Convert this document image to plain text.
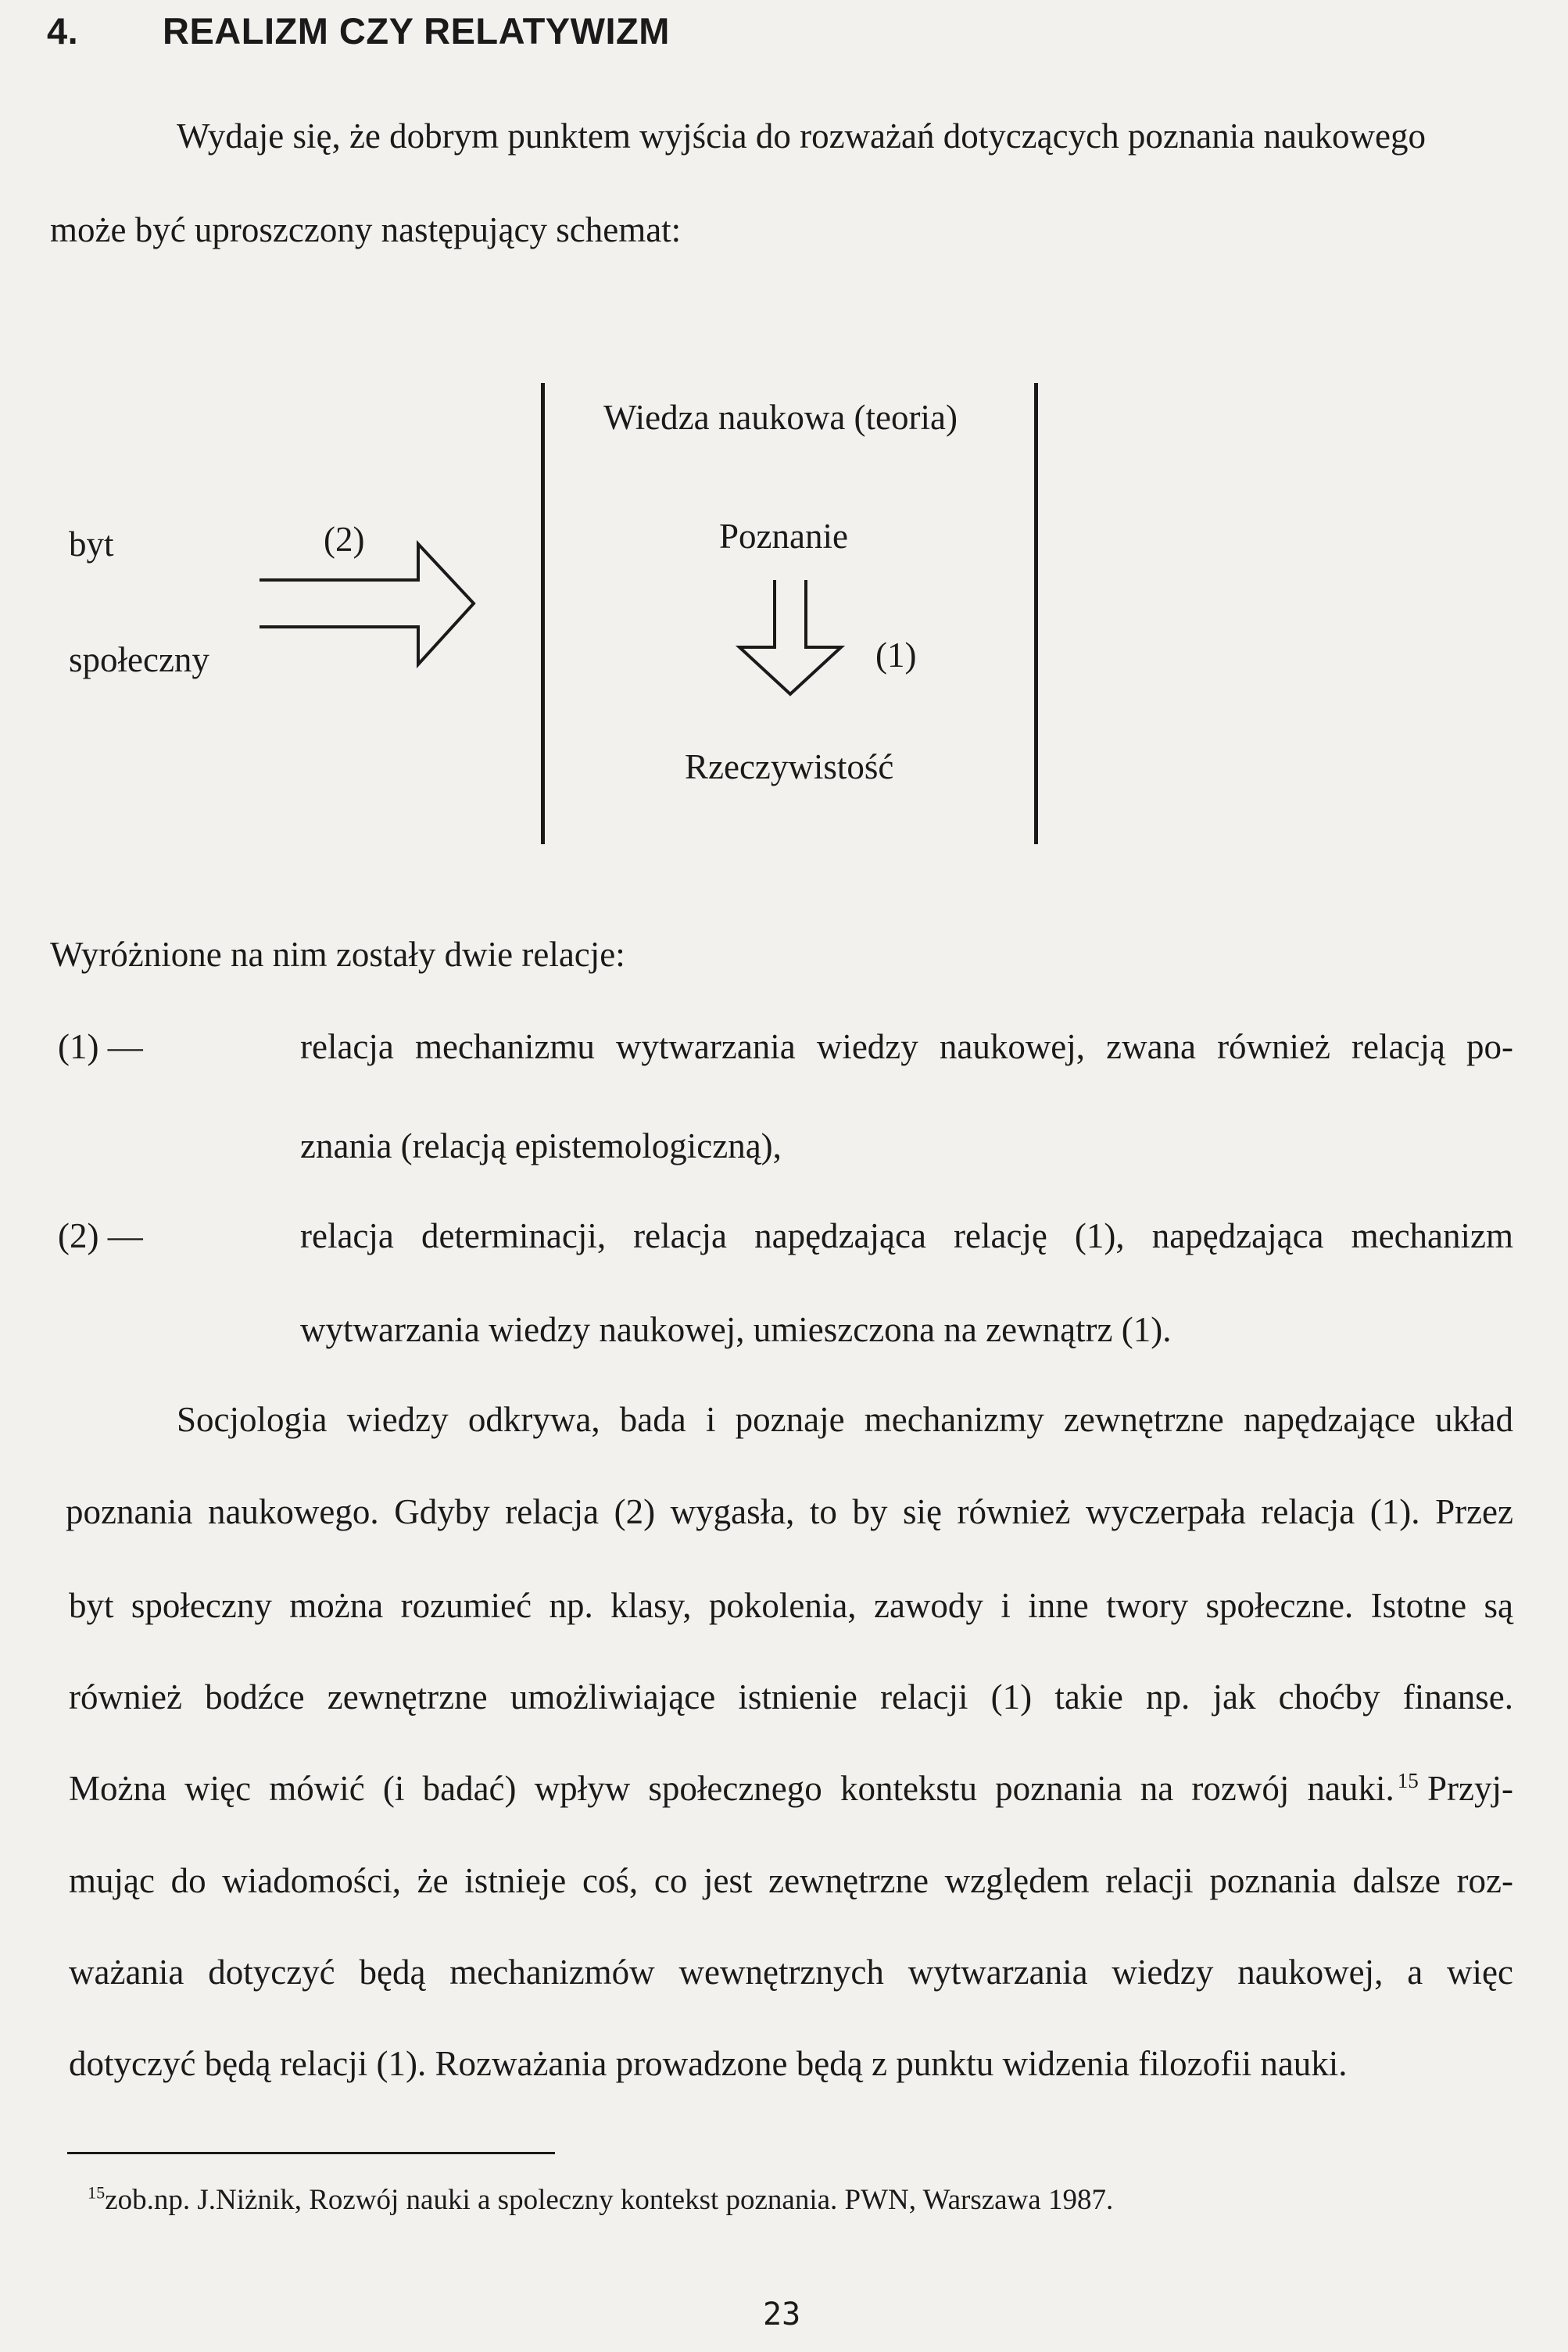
4. REALIZM CZY RELATYWIZM
Wydaje się, że dobrym punktem wyjścia do rozważań dotyczących poznania naukowego
może być uproszczony następujący schemat:
Wiedza naukowa (teoria)
Poznanie
Rzeczywistość
byt
społeczny
(2)
(1)
Wyróżnione na nim zostały dwie relacje:
(1) —	relacja mechanizmu wytwarzania wiedzy naukowej, zwana również relacją po-
znania (relacją epistemologiczną),
(2) —	relacja determinacji, relacja napędzająca relację (1), napędzająca mechanizm
wytwarzania wiedzy naukowej, umieszczona na zewnątrz (1).
Socjologia wiedzy odkrywa, bada i poznaje mechanizmy zewnętrzne napędzające układ
poznania naukowego. Gdyby relacja (2) wygasła, to by się również wyczerpała relacja (1). Przez
byt społeczny można rozumieć np. klasy, pokolenia, zawody i inne twory społeczne. Istotne są
również bodźce zewnętrzne umożliwiające istnienie relacji (1) takie np. jak choćby finanse.
Można więc mówić (i badać) wpływ społecznego kontekstu poznania na rozwój nauki. $^{15}$ Przyj-
mując do wiadomości, że istnieje coś, co jest zewnętrzne względem relacji poznania dalsze roz-
ważania dotyczyć będą mechanizmów wewnętrznych wytwarzania wiedzy naukowej, a więc
dotyczyć będą relacji (1). Rozważania prowadzone będą z punktu widzenia filozofii nauki.
$^{15}$zob.np. J.Niżnik, Rozwój nauki a spoleczny kontekst poznania. PWN, Warszawa 1987.
23
